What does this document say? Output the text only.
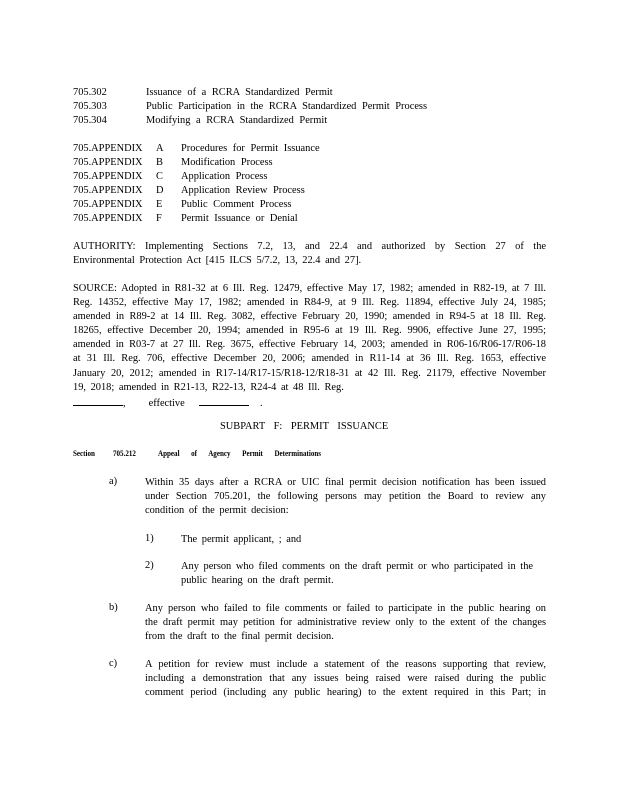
705.302	Issuance of a RCRA Standardized Permit
705.303	Public Participation in the RCRA Standardized Permit Process
705.304	Modifying a RCRA Standardized Permit
705.APPENDIX A Procedures for Permit Issuance
705.APPENDIX B Modification Process
705.APPENDIX C Application Process
705.APPENDIX D Application Review Process
705.APPENDIX E Public Comment Process
705.APPENDIX F Permit Issuance or Denial
AUTHORITY: Implementing Sections 7.2, 13, and 22.4 and authorized by Section 27 of the Environmental Protection Act [415 ILCS 5/7.2, 13, 22.4 and 27].
SOURCE: Adopted in R81-32 at 6 Ill. Reg. 12479, effective May 17, 1982; amended in R82-19, at 7 Ill. Reg. 14352, effective May 17, 1982; amended in R84-9, at 9 Ill. Reg. 11894, effective July 24, 1985; amended in R89-2 at 14 Ill. Reg. 3082, effective February 20, 1990; amended in R94-5 at 18 Ill. Reg. 18265, effective December 20, 1994; amended in R95-6 at 19 Ill. Reg. 9906, effective June 27, 1995; amended in R03-7 at 27 Ill. Reg. 3675, effective February 14, 2003; amended in R06-16/R06-17/R06-18 at 31 Ill. Reg. 706, effective December 20, 2006; amended in R11-14 at 36 Ill. Reg. 1653, effective January 20, 2012; amended in R17-14/R17-15/R18-12/R18-31 at 42 Ill. Reg. 21179, effective November 19, 2018; amended in R21-13, R22-13, R24-4 at 48 Ill. Reg.
,     effective	.
SUBPART F: PERMIT ISSUANCE
Section 705.212	Appeal of Agency Permit Determinations
a)	Within 35 days after a RCRA or UIC final permit decision notification has been issued under Section 705.201, the following persons may petition the Board to review any condition of the permit decision:
1)	The permit applicant, ; and
2)	Any person who filed comments on the draft permit or who participated in the public hearing on the draft permit.
b)	Any person who failed to file comments or failed to participate in the public hearing on the draft permit may petition for administrative review only to the extent of the changes from the draft to the final permit decision.
c)	A petition for review must include a statement of the reasons supporting that review, including a demonstration that any issues being raised were raised during the public comment period (including any public hearing) to the extent required in this Part; in
